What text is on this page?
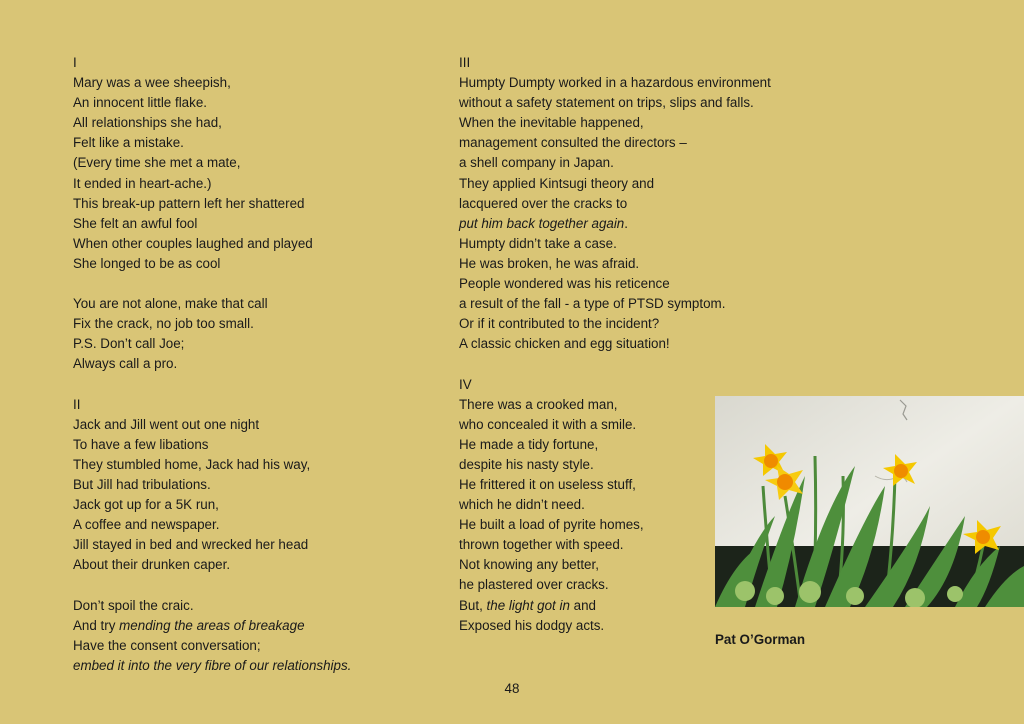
I
Mary was a wee sheepish,
An innocent little flake.
All relationships she had,
Felt like a mistake.
(Every time she met a mate,
It ended in heart-ache.)
This break-up pattern left her shattered
She felt an awful fool
When other couples laughed and played
She longed to be as cool
You are not alone, make that call
Fix the crack, no job too small.
P.S. Don’t call Joe;
Always call a pro.
II
Jack and Jill went out one night
To have a few libations
They stumbled home, Jack had his way,
But Jill had tribulations.
Jack got up for a 5K run,
A coffee and newspaper.
Jill stayed in bed and wrecked her head
About their drunken caper.
Don’t spoil the craic.
And try mending the areas of breakage
Have the consent conversation;
embed it into the very fibre of our relationships.
III
Humpty Dumpty worked in a hazardous environment
without a safety statement on trips, slips and falls.
When the inevitable happened,
management consulted the directors –
a shell company in Japan.
They applied Kintsugi theory and
lacquered over the cracks to
put him back together again.
Humpty didn’t take a case.
He was broken, he was afraid.
People wondered was his reticence
a result of the fall - a type of PTSD symptom.
Or if it contributed to the incident?
A classic chicken and egg situation!
IV
There was a crooked man,
who concealed it with a smile.
He made a tidy fortune,
despite his nasty style.
He frittered it on useless stuff,
which he didn’t need.
He built a load of pyrite homes,
thrown together with speed.
Not knowing any better,
he plastered over cracks.
But, the light got in and
Exposed his dodgy acts.
Pat O’Gorman
48
